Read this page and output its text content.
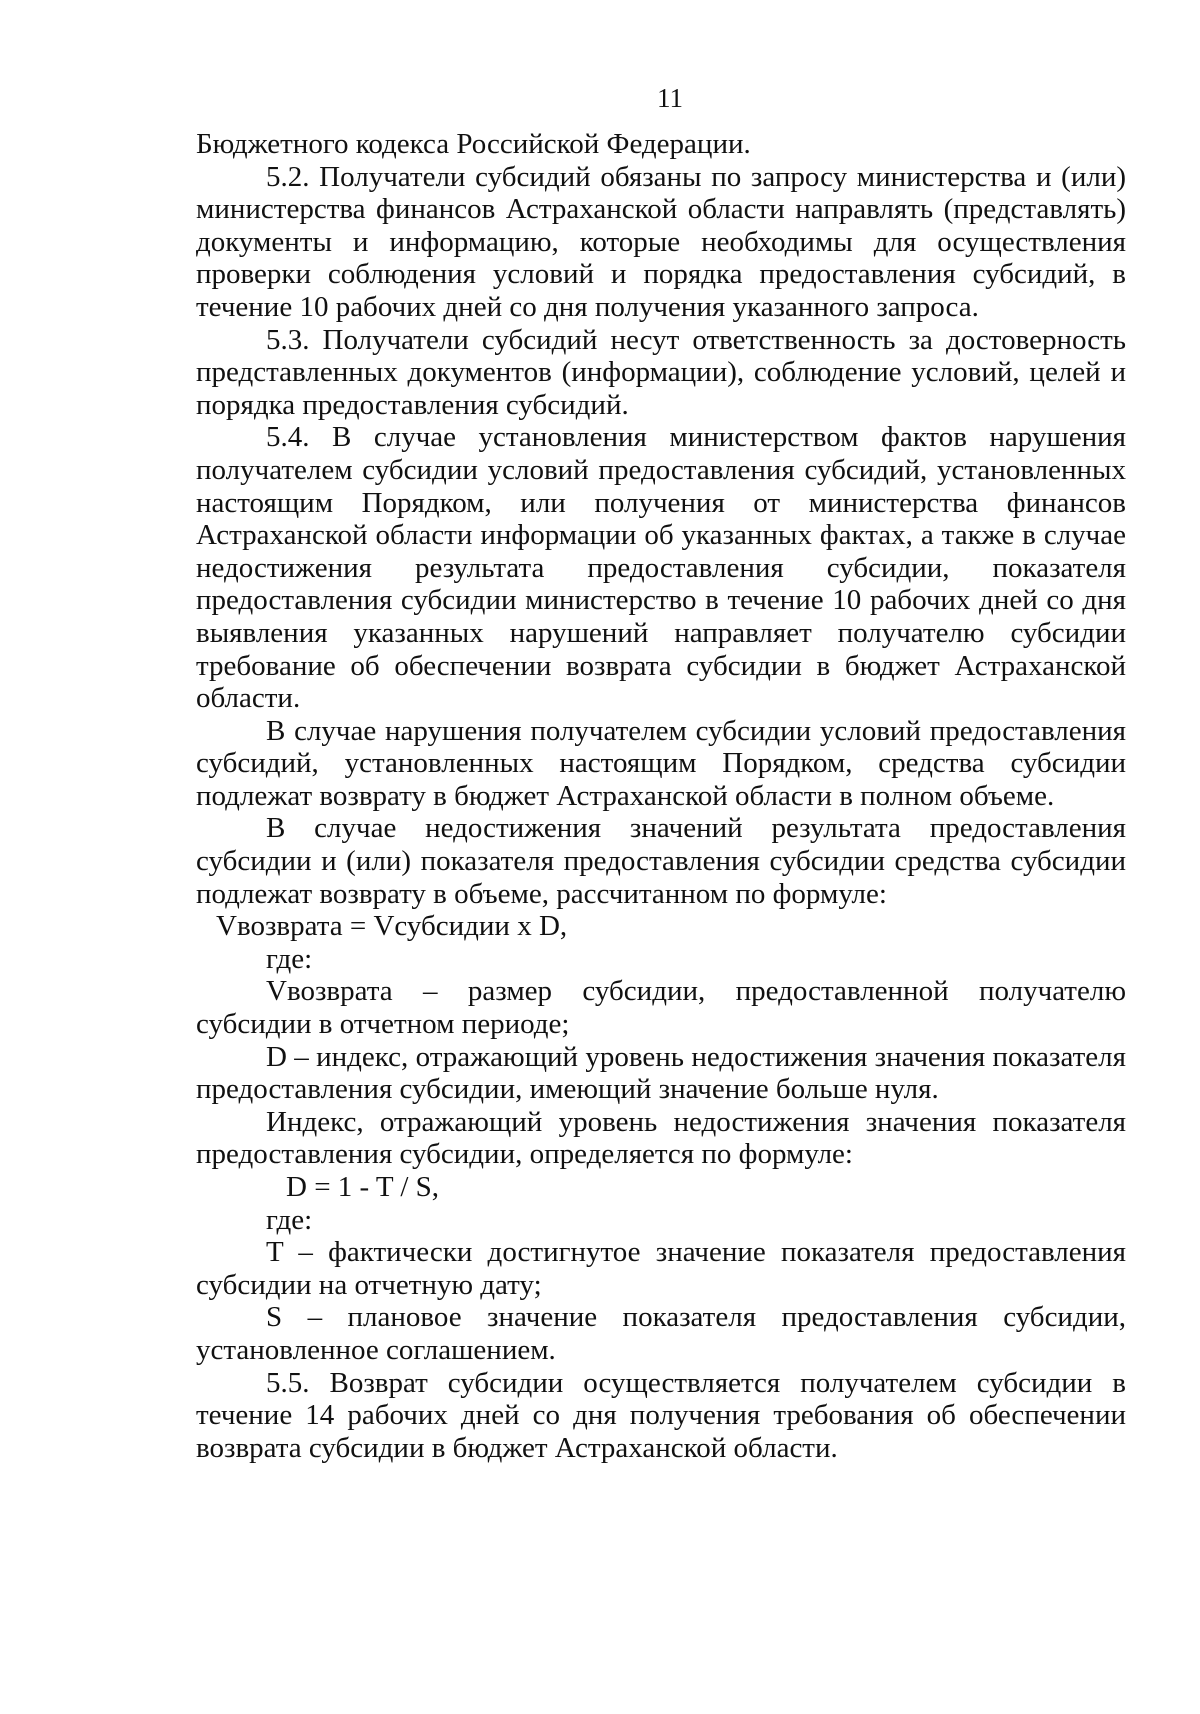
11

Бюджетного кодекса Российской Федерации.

5.2. Получатели субсидий обязаны по запросу министерства и (или) министерства финансов Астраханской области направлять (представлять) документы и информацию, которые необходимы для осуществления проверки соблюдения условий и порядка предоставления субсидий, в течение 10 рабочих дней со дня получения указанного запроса.

5.3. Получатели субсидий несут ответственность за достоверность представленных документов (информации), соблюдение условий, целей и порядка предоставления субсидий.

5.4. В случае установления министерством фактов нарушения получателем субсидии условий предоставления субсидий, установленных настоящим Порядком, или получения от министерства финансов Астраханской области информации об указанных фактах, а также в случае недостижения результата предоставления субсидии, показателя предоставления субсидии министерство в течение 10 рабочих дней со дня выявления указанных нарушений направляет получателю субсидии требование об обеспечении возврата субсидии в бюджет Астраханской области.

В случае нарушения получателем субсидии условий предоставления субсидий, установленных настоящим Порядком, средства субсидии подлежат возврату в бюджет Астраханской области в полном объеме.

В случае недостижения значений результата предоставления субсидии и (или) показателя предоставления субсидии средства субсидии подлежат возврату в объеме, рассчитанном по формуле:

Vвозврата = Vсубсидии x D,

где:

Vвозврата – размер субсидии, предоставленной получателю субсидии в отчетном периоде;

D – индекс, отражающий уровень недостижения значения показателя предоставления субсидии, имеющий значение больше нуля.

Индекс, отражающий уровень недостижения значения показателя предоставления субсидии, определяется по формуле:

D = 1 - T / S,

где:

T – фактически достигнутое значение показателя предоставления субсидии на отчетную дату;

S – плановое значение показателя предоставления субсидии, установленное соглашением.

5.5. Возврат субсидии осуществляется получателем субсидии в течение 14 рабочих дней со дня получения требования об обеспечении возврата субсидии в бюджет Астраханской области.
